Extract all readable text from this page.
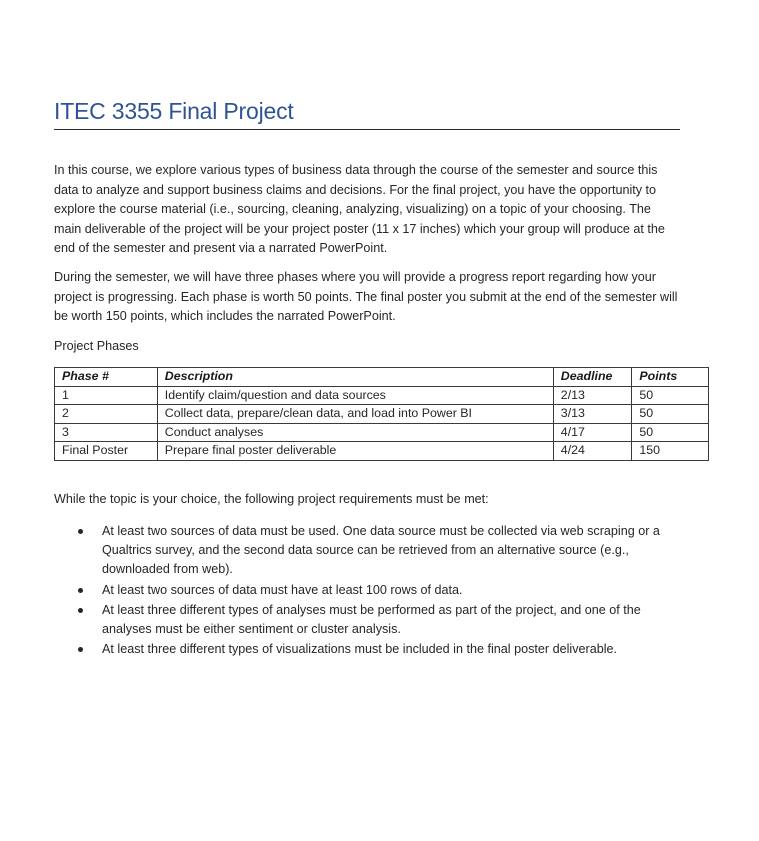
ITEC 3355 Final Project

In this course, we explore various types of business data through the course of the semester and source this data to analyze and support business claims and decisions. For the final project, you have the opportunity to explore the course material (i.e., sourcing, cleaning, analyzing, visualizing) on a topic of your choosing. The main deliverable of the project will be your project poster (11 x 17 inches) which your group will produce at the end of the semester and present via a narrated PowerPoint.

During the semester, we will have three phases where you will provide a progress report regarding how your project is progressing. Each phase is worth 50 points. The final poster you submit at the end of the semester will be worth 150 points, which includes the narrated PowerPoint.

Project Phases

Phase #	Description	Deadline	Points
1	Identify claim/question and data sources	2/13	50
2	Collect data, prepare/clean data, and load into Power BI	3/13	50
3	Conduct analyses	4/17	50
Final Poster	Prepare final poster deliverable	4/24	150

While the topic is your choice, the following project requirements must be met:

At least two sources of data must be used. One data source must be collected via web scraping or a Qualtrics survey, and the second data source can be retrieved from an alternative source (e.g., downloaded from web).
At least two sources of data must have at least 100 rows of data.
At least three different types of analyses must be performed as part of the project, and one of the analyses must be either sentiment or cluster analysis.
At least three different types of visualizations must be included in the final poster deliverable.
